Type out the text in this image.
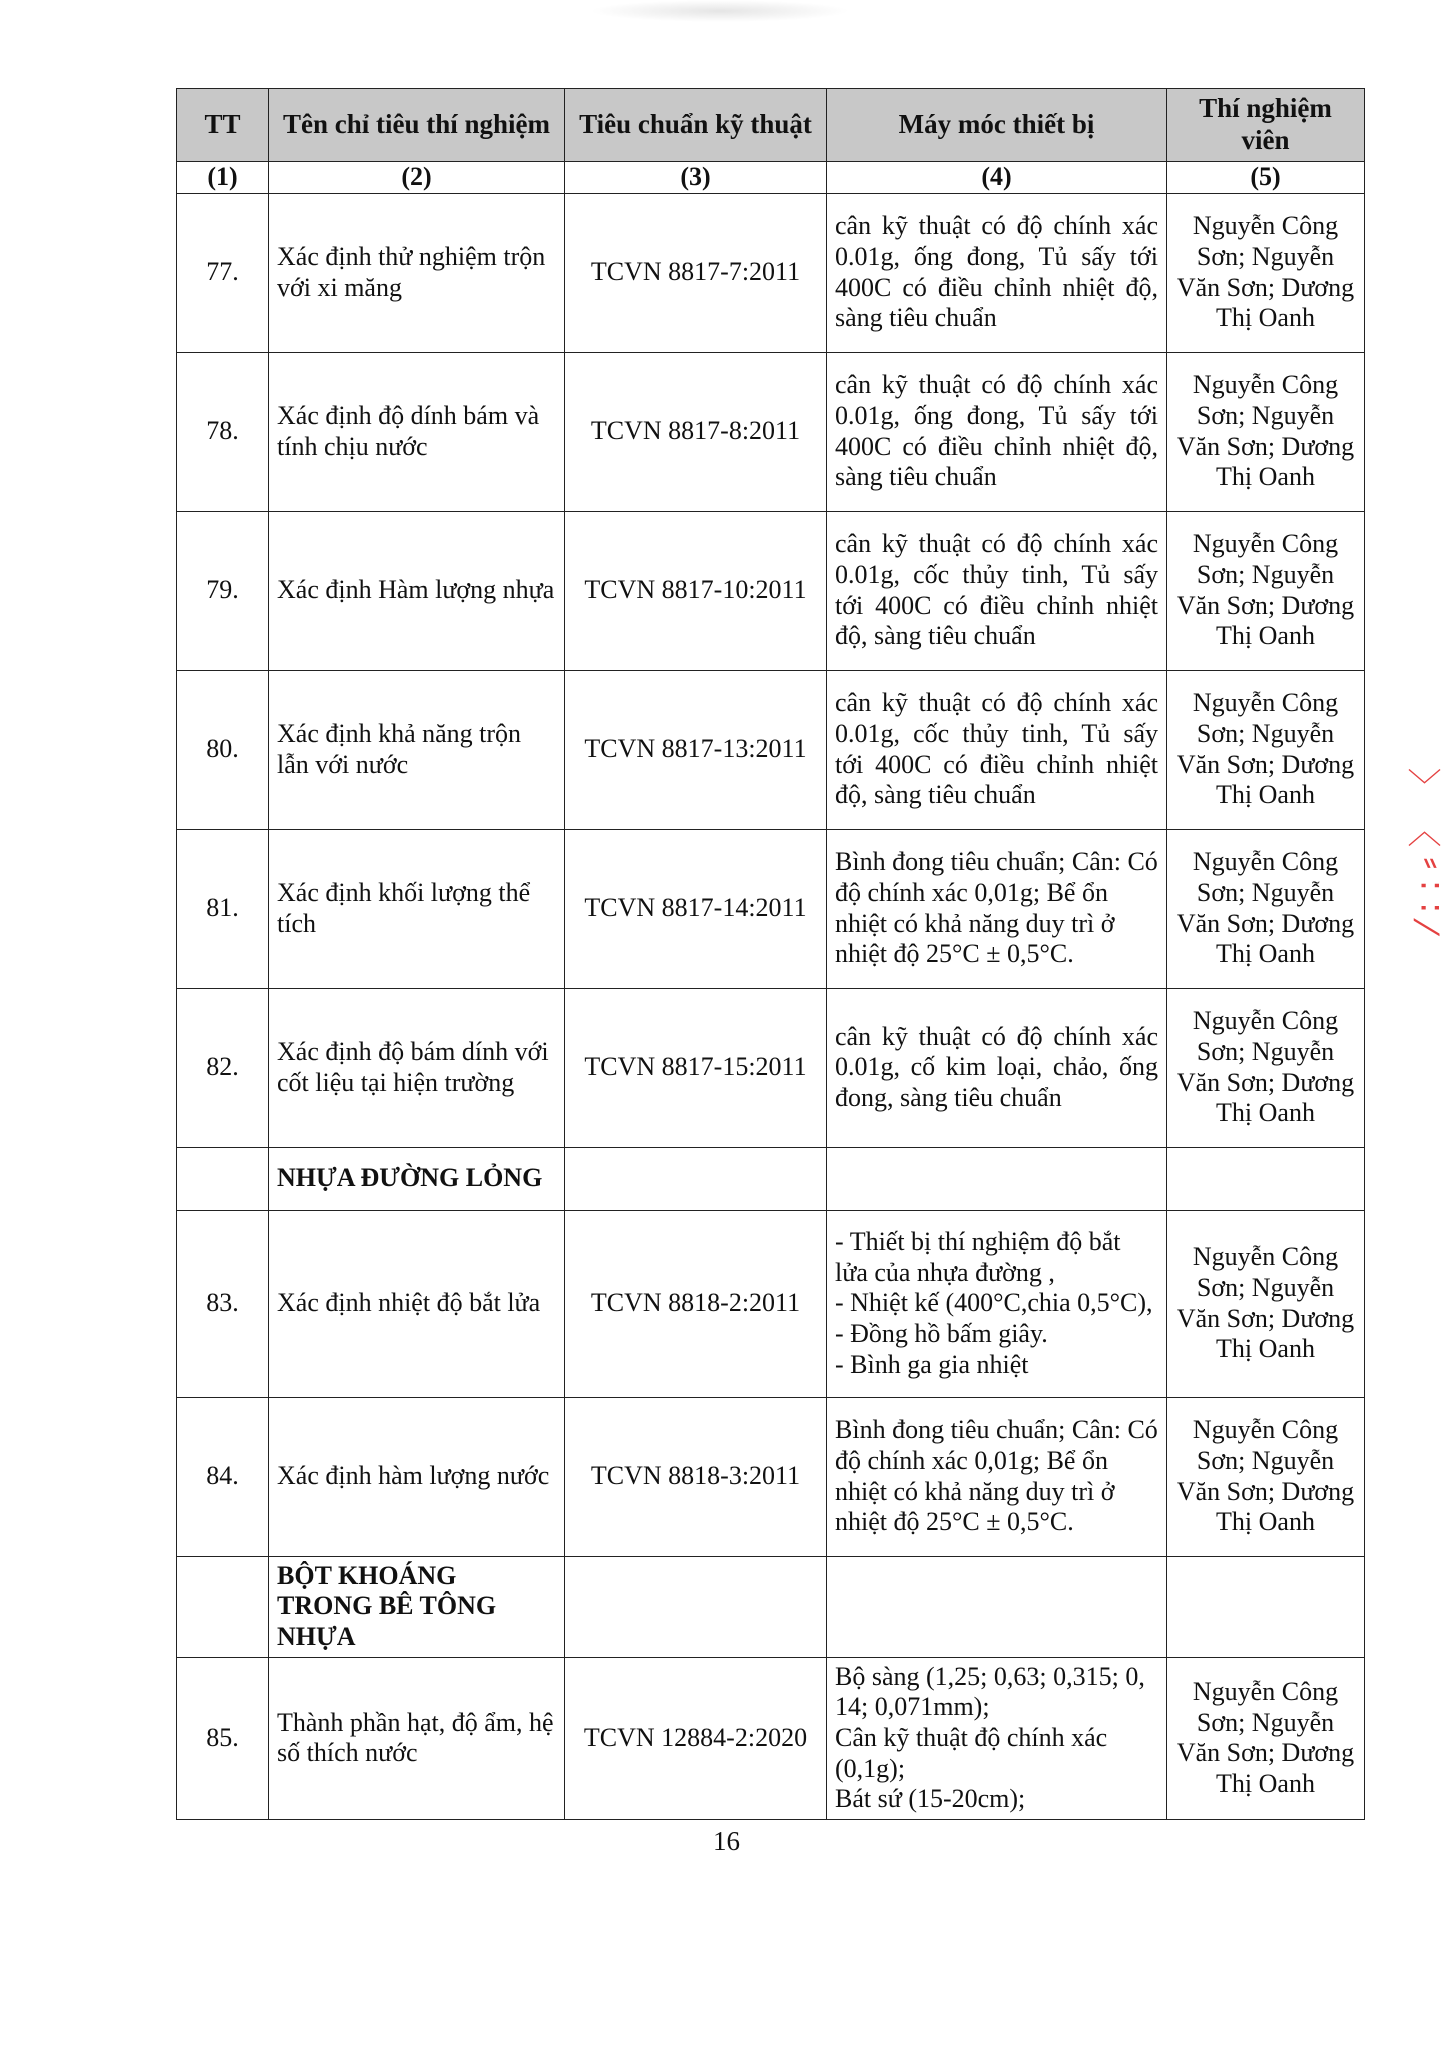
TT	Tên chỉ tiêu thí nghiệm	Tiêu chuẩn kỹ thuật	Máy móc thiết bị	Thí nghiệm viên
(1)	(2)	(3)	(4)	(5)
77.	Xác định thử nghiệm trộn với xi măng	TCVN 8817-7:2011	cân kỹ thuật có độ chính xác 0.01g, ống đong, Tủ sấy tới 400C có điều chỉnh nhiệt độ, sàng tiêu chuẩn	Nguyễn Công Sơn; Nguyễn Văn Sơn; Dương Thị Oanh
78.	Xác định độ dính bám và tính chịu nước	TCVN 8817-8:2011	cân kỹ thuật có độ chính xác 0.01g, ống đong, Tủ sấy tới 400C có điều chỉnh nhiệt độ, sàng tiêu chuẩn	Nguyễn Công Sơn; Nguyễn Văn Sơn; Dương Thị Oanh
79.	Xác định Hàm lượng nhựa	TCVN 8817-10:2011	cân kỹ thuật có độ chính xác 0.01g, cốc thủy tinh, Tủ sấy tới 400C có điều chỉnh nhiệt độ, sàng tiêu chuẩn	Nguyễn Công Sơn; Nguyễn Văn Sơn; Dương Thị Oanh
80.	Xác định khả năng trộn lẫn với nước	TCVN 8817-13:2011	cân kỹ thuật có độ chính xác 0.01g, cốc thủy tinh, Tủ sấy tới 400C có điều chỉnh nhiệt độ, sàng tiêu chuẩn	Nguyễn Công Sơn; Nguyễn Văn Sơn; Dương Thị Oanh
81.	Xác định khối lượng thể tích	TCVN 8817-14:2011	Bình đong tiêu chuẩn; Cân: Có độ chính xác 0,01g; Bể ổn nhiệt có khả năng duy trì ở nhiệt độ 25°C ± 0,5°C.	Nguyễn Công Sơn; Nguyễn Văn Sơn; Dương Thị Oanh
82.	Xác định độ bám dính với cốt liệu tại hiện trường	TCVN 8817-15:2011	cân kỹ thuật có độ chính xác 0.01g, cố kim loại, chảo, ống đong, sàng tiêu chuẩn	Nguyễn Công Sơn; Nguyễn Văn Sơn; Dương Thị Oanh
	NHỰA ĐƯỜNG LỎNG			
83.	Xác định nhiệt độ bắt lửa	TCVN 8818-2:2011	- Thiết bị thí nghiệm độ bắt lửa của nhựa đường ,
- Nhiệt kế (400°C,chia 0,5°C),
- Đồng hồ bấm giây.
- Bình ga gia nhiệt	Nguyễn Công Sơn; Nguyễn Văn Sơn; Dương Thị Oanh
84.	Xác định hàm lượng nước	TCVN 8818-3:2011	Bình đong tiêu chuẩn; Cân: Có độ chính xác 0,01g; Bể ổn nhiệt có khả năng duy trì ở nhiệt độ 25°C ± 0,5°C.	Nguyễn Công Sơn; Nguyễn Văn Sơn; Dương Thị Oanh
	BỘT KHOÁNG TRONG BÊ TÔNG NHỰA			
85.	Thành phần hạt, độ ẩm, hệ số thích nước	TCVN 12884-2:2020	Bộ sàng (1,25; 0,63; 0,315; 0, 14; 0,071mm);
Cân kỹ thuật độ chính xác (0,1g);
Bát sứ (15-20cm);	Nguyễn Công Sơn; Nguyễn Văn Sơn; Dương Thị Oanh
16
⁄ ꞉ ꞉ ⸗ ﹀ 〈
